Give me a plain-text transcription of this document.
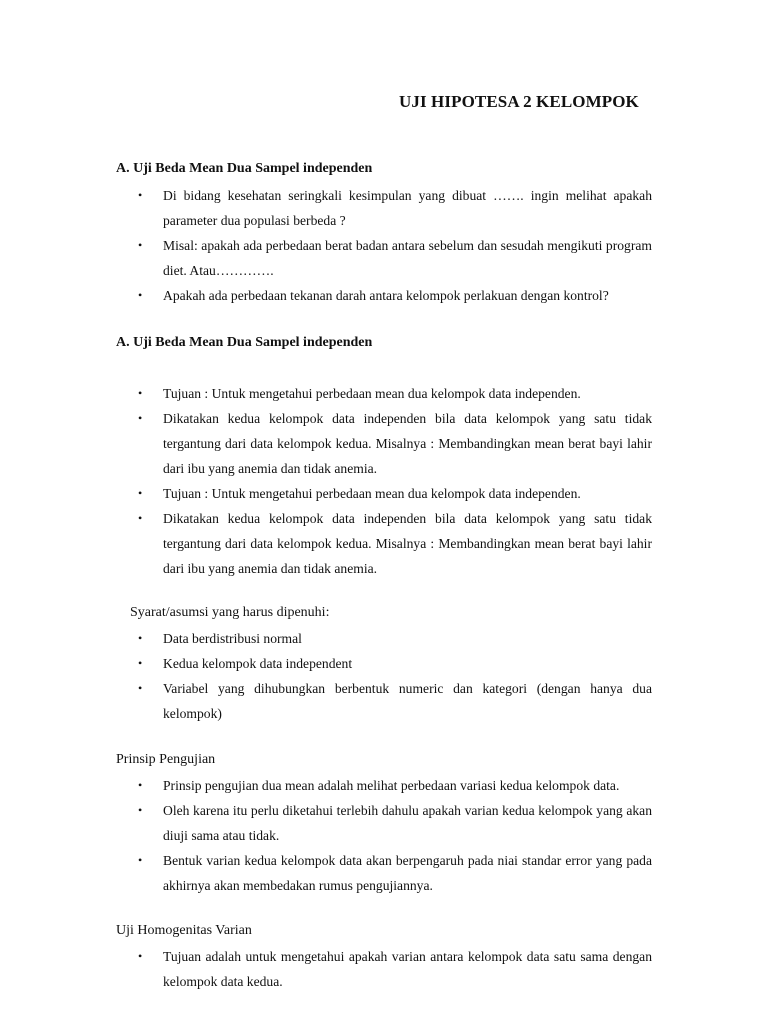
UJI HIPOTESA 2 KELOMPOK
A. Uji Beda Mean Dua Sampel independen
• Di bidang kesehatan seringkali kesimpulan yang dibuat ……. ingin melihat apakah parameter dua populasi berbeda ?
• Misal: apakah ada perbedaan berat badan antara sebelum dan sesudah mengikuti program diet. Atau………….
• Apakah ada perbedaan tekanan darah antara kelompok perlakuan dengan kontrol?
A. Uji Beda Mean Dua Sampel independen
• Tujuan : Untuk mengetahui perbedaan mean dua kelompok data independen.
• Dikatakan kedua kelompok data independen bila data kelompok yang satu tidak tergantung dari data kelompok kedua. Misalnya : Membandingkan mean berat bayi lahir dari ibu yang anemia dan tidak anemia.
• Tujuan : Untuk mengetahui perbedaan mean dua kelompok data independen.
• Dikatakan kedua kelompok data independen bila data kelompok yang satu tidak tergantung dari data kelompok kedua. Misalnya : Membandingkan mean berat bayi lahir dari ibu yang anemia dan tidak anemia.

Syarat/asumsi yang harus dipenuhi:

• Data berdistribusi normal
• Kedua kelompok data independent
• Variabel yang dihubungkan berbentuk numeric dan kategori (dengan hanya dua kelompok)

Prinsip Pengujian

• Prinsip pengujian dua mean adalah melihat perbedaan variasi kedua kelompok data.
• Oleh karena itu perlu diketahui terlebih dahulu apakah varian kedua kelompok yang akan diuji sama atau tidak.
• Bentuk varian kedua kelompok data akan berpengaruh pada niai standar error yang pada akhirnya akan membedakan rumus pengujiannya.

Uji Homogenitas Varian

• Tujuan adalah untuk mengetahui apakah varian antara kelompok data satu sama dengan kelompok data kedua.
